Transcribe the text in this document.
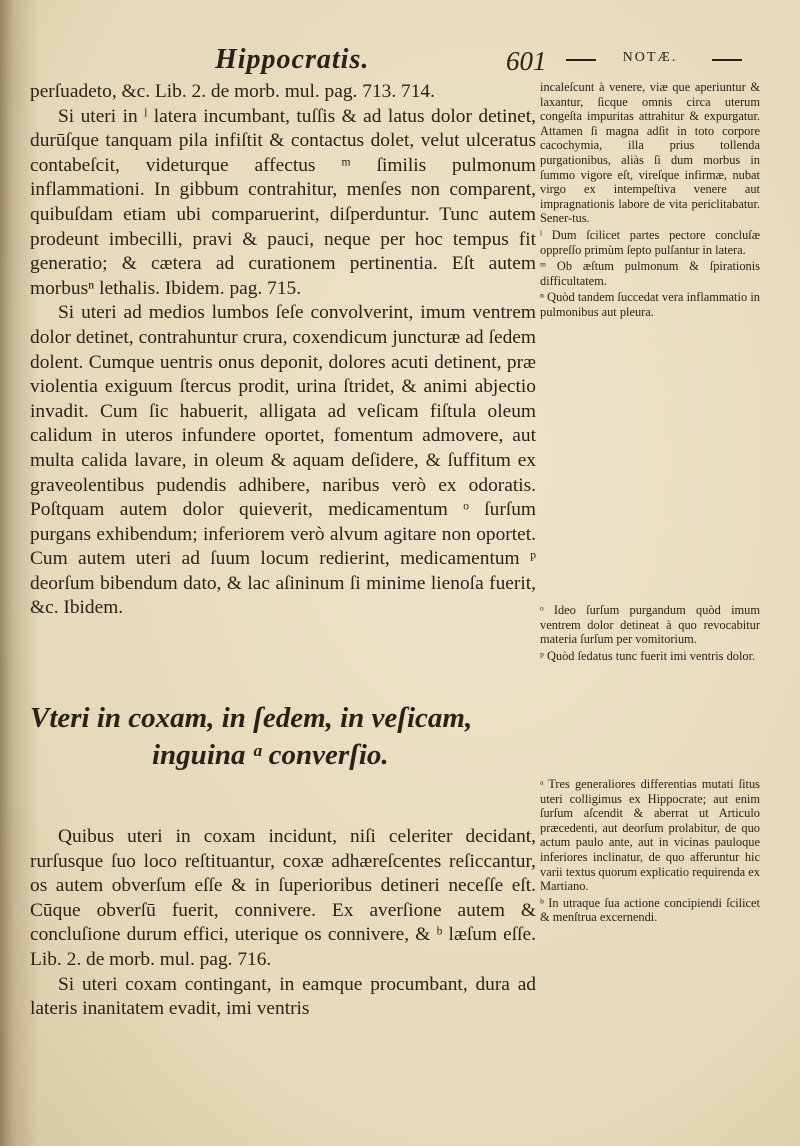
Hippocratis.	601	NOTÆ.

perſuadeto, &c. Lib. 2. de morb. mul. pag. 713. 714.

Si uteri in ˡ latera incumbant, tuſſis & ad latus dolor detinet, durūſque tanquam pila infiſtit & contactus dolet, velut ulceratus contabeſcit, videturque affectus ᵐ ſimilis pulmonum inflammationi. In gibbum contrahitur, menſes non comparent, quibuſdam etiam ubi comparuerint, diſperduntur. Tunc autem prodeunt imbecilli, pravi & pauci, neque per hoc tempus fit generatio; & cætera ad curationem pertinentia. Eſt autem morbusⁿ lethalis. Ibidem. pag. 715.

Si uteri ad medios lumbos ſeſe convolverint, imum ventrem dolor detinet, contrahuntur crura, coxendicum juncturæ ad ſedem dolent. Cumque uentris onus deponit, dolores acuti detinent, præ violentia exiguum ſtercus prodit, urina ſtridet, & animi abjectio invadit. Cum ſic habuerit, alligata ad veſicam fiſtula oleum calidum in uteros infundere oportet, fomentum admovere, aut multa calida lavare, in oleum & aquam deſidere, & ſuffitum ex graveolentibus pudendis adhibere, naribus verò ex odoratis. Poſtquam autem dolor quieverit, medicamentum ᵒ ſurſum purgans exhibendum; inferiorem verò alvum agitare non oportet. Cum autem uteri ad ſuum locum redierint, medicamentum ᵖ deorſum bibendum dato, & lac aſininum ſi minime lienoſa fuerit, &c. Ibidem.

Vteri in coxam, in ſedem, in veſicam,
inguina ᵃ converſio.

Quibus uteri in coxam incidunt, niſi celeriter decidant, rurſusque ſuo loco reſtituantur, coxæ adhæreſcentes reſiccantur, os autem obverſum eſſe & in ſuperioribus detineri neceſſe eſt. Cūque obverſū fuerit, connivere. Ex averſione autem & concluſione durum effici, uterique os connivere, & ᵇ læſum eſſe. Lib. 2. de morb. mul. pag. 716.

Si uteri coxam contingant, in eamque procumbant, dura ad lateris inanitatem evadit, imi ventris

incaleſcunt à venere, viæ que aperiuntur & laxantur, ſicque omnis circa uterum congeſta impuritas attrahitur & expurgatur. Attamen ſi magna adſit in toto corpore cacochymia, illa prius tollenda purgationibus, aliàs ſi dum morbus in ſummo vigore eſt, vireſque infirmæ, nubat virgo ex intempeſtiva venere aut impragnationis labore de vita periclitabatur. Sener-tus.

ˡ Dum ſcilicet partes pectore concluſæ oppreſſo primùm ſepto pulſantur in latera.

ᵐ Ob æſtum pulmonum & ſpirationis difficultatem.

ⁿ Quòd tandem ſuccedat vera inflammatio in pulmonibus aut pleura.

ᵒ Ideo ſurſum purgandum quòd imum ventrem dolor detineat à quo revocabitur materia ſurſum per vomitorium.

ᵖ Quòd ſedatus tunc fuerit imi ventris dolor.

ᵃ Tres generaliores differentias mutati ſitus uteri colligimus ex Hippocrate; aut enim ſurſum aſcendit & aberrat ut Articulo præcedenti, aut deorſum prolabitur, de quo actum paulo ante, aut in vicinas pauloque inferiores inclinatur, de quo afferuntur hic varii textus quorum explicatio requirenda ex Martiano.

ᵇ In utraque ſua actione concipiendi ſcilicet & menſtrua excernendi.
